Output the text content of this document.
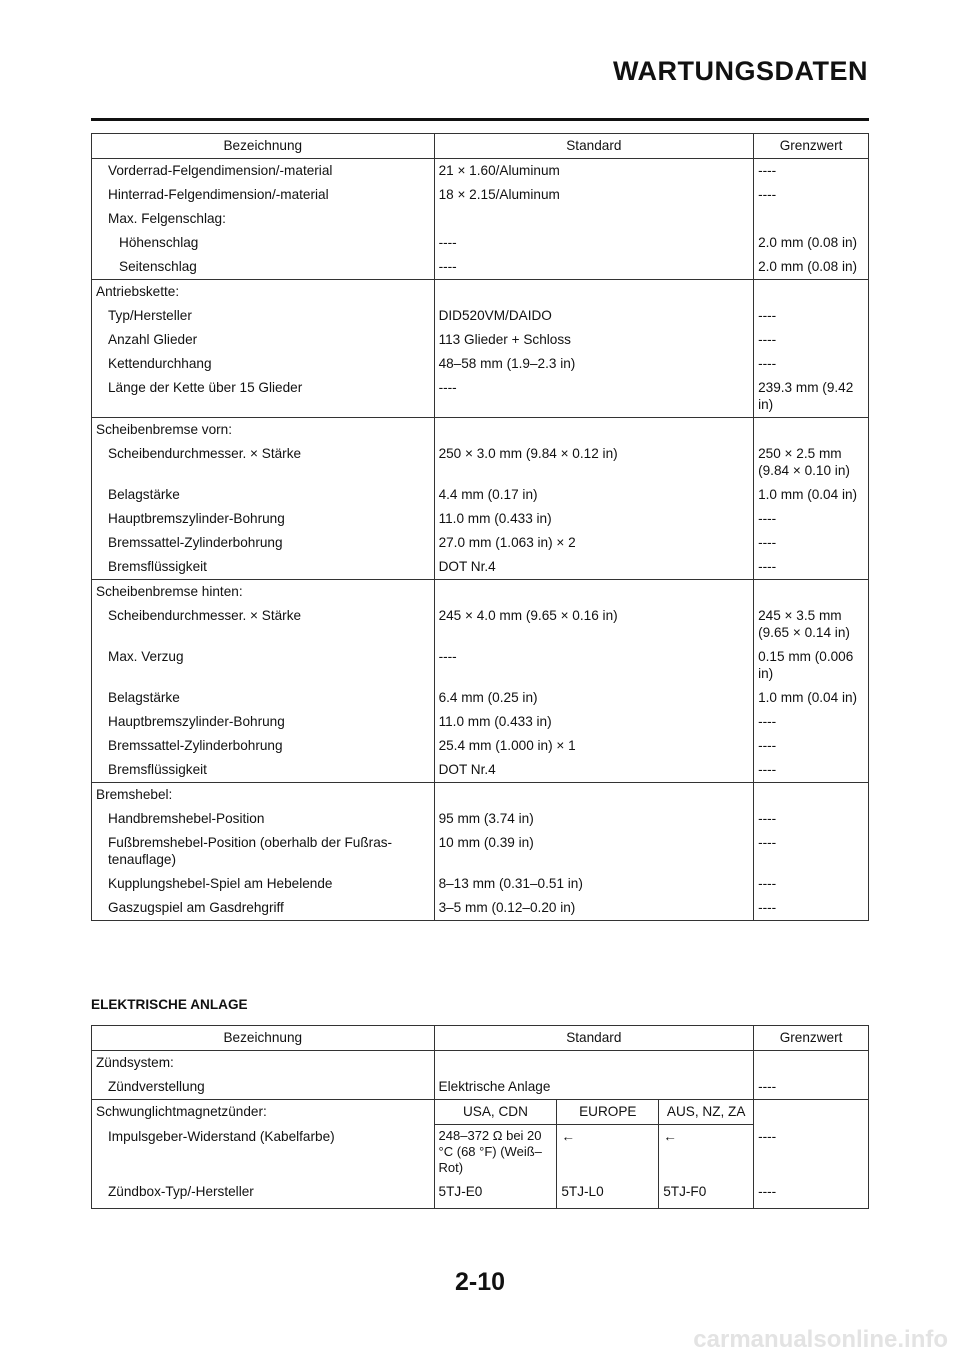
WARTUNGSDATEN
Bezeichnung	Standard	Grenzwert
Vorderrad-Felgendimension/-material	21 × 1.60/Aluminum	----
Hinterrad-Felgendimension/-material	18 × 2.15/Aluminum	----
Max. Felgenschlag:		
Höhenschlag	----	2.0 mm (0.08 in)
Seitenschlag	----	2.0 mm (0.08 in)
Antriebskette:		
Typ/Hersteller	DID520VM/DAIDO	----
Anzahl Glieder	113 Glieder + Schloss	----
Kettendurchhang	48–58 mm (1.9–2.3 in)	----
Länge der Kette über 15 Glieder	----	239.3 mm (9.42 in)
Scheibenbremse vorn:		
Scheibendurchmesser. × Stärke	250 × 3.0 mm (9.84 × 0.12 in)	250 × 2.5 mm (9.84 × 0.10 in)
Belagstärke	4.4 mm (0.17 in)	1.0 mm (0.04 in)
Hauptbremszylinder-Bohrung	11.0 mm (0.433 in)	----
Bremssattel-Zylinderbohrung	27.0 mm (1.063 in) × 2	----
Bremsflüssigkeit	DOT Nr.4	----
Scheibenbremse hinten:		
Scheibendurchmesser. × Stärke	245 × 4.0 mm (9.65 × 0.16 in)	245 × 3.5 mm (9.65 × 0.14 in)
Max. Verzug	----	0.15 mm (0.006 in)
Belagstärke	6.4 mm (0.25 in)	1.0 mm (0.04 in)
Hauptbremszylinder-Bohrung	11.0 mm (0.433 in)	----
Bremssattel-Zylinderbohrung	25.4 mm (1.000 in) × 1	----
Bremsflüssigkeit	DOT Nr.4	----
Bremshebel:		
Handbremshebel-Position	95 mm (3.74 in)	----
Fußbremshebel-Position (oberhalb der Fußras-tenauflage)	10 mm (0.39 in)	----
Kupplungshebel-Spiel am Hebelende	8–13 mm (0.31–0.51 in)	----
Gaszugspiel am Gasdrehgriff	3–5 mm (0.12–0.20 in)	----
ELEKTRISCHE ANLAGE
Bezeichnung	Standard			Grenzwert
Zündsystem:				
Zündverstellung	Elektrische Anlage			----
Schwunglichtmagnetzünder:	USA, CDN	EUROPE	AUS, NZ, ZA	
Impulsgeber-Widerstand (Kabelfarbe)	248–372 Ω bei 20 °C (68 °F) (Weiß–Rot)	←	←	----
Zündbox-Typ/-Hersteller	5TJ-E0	5TJ-L0	5TJ-F0	----
2-10
carmanualsonline.info
